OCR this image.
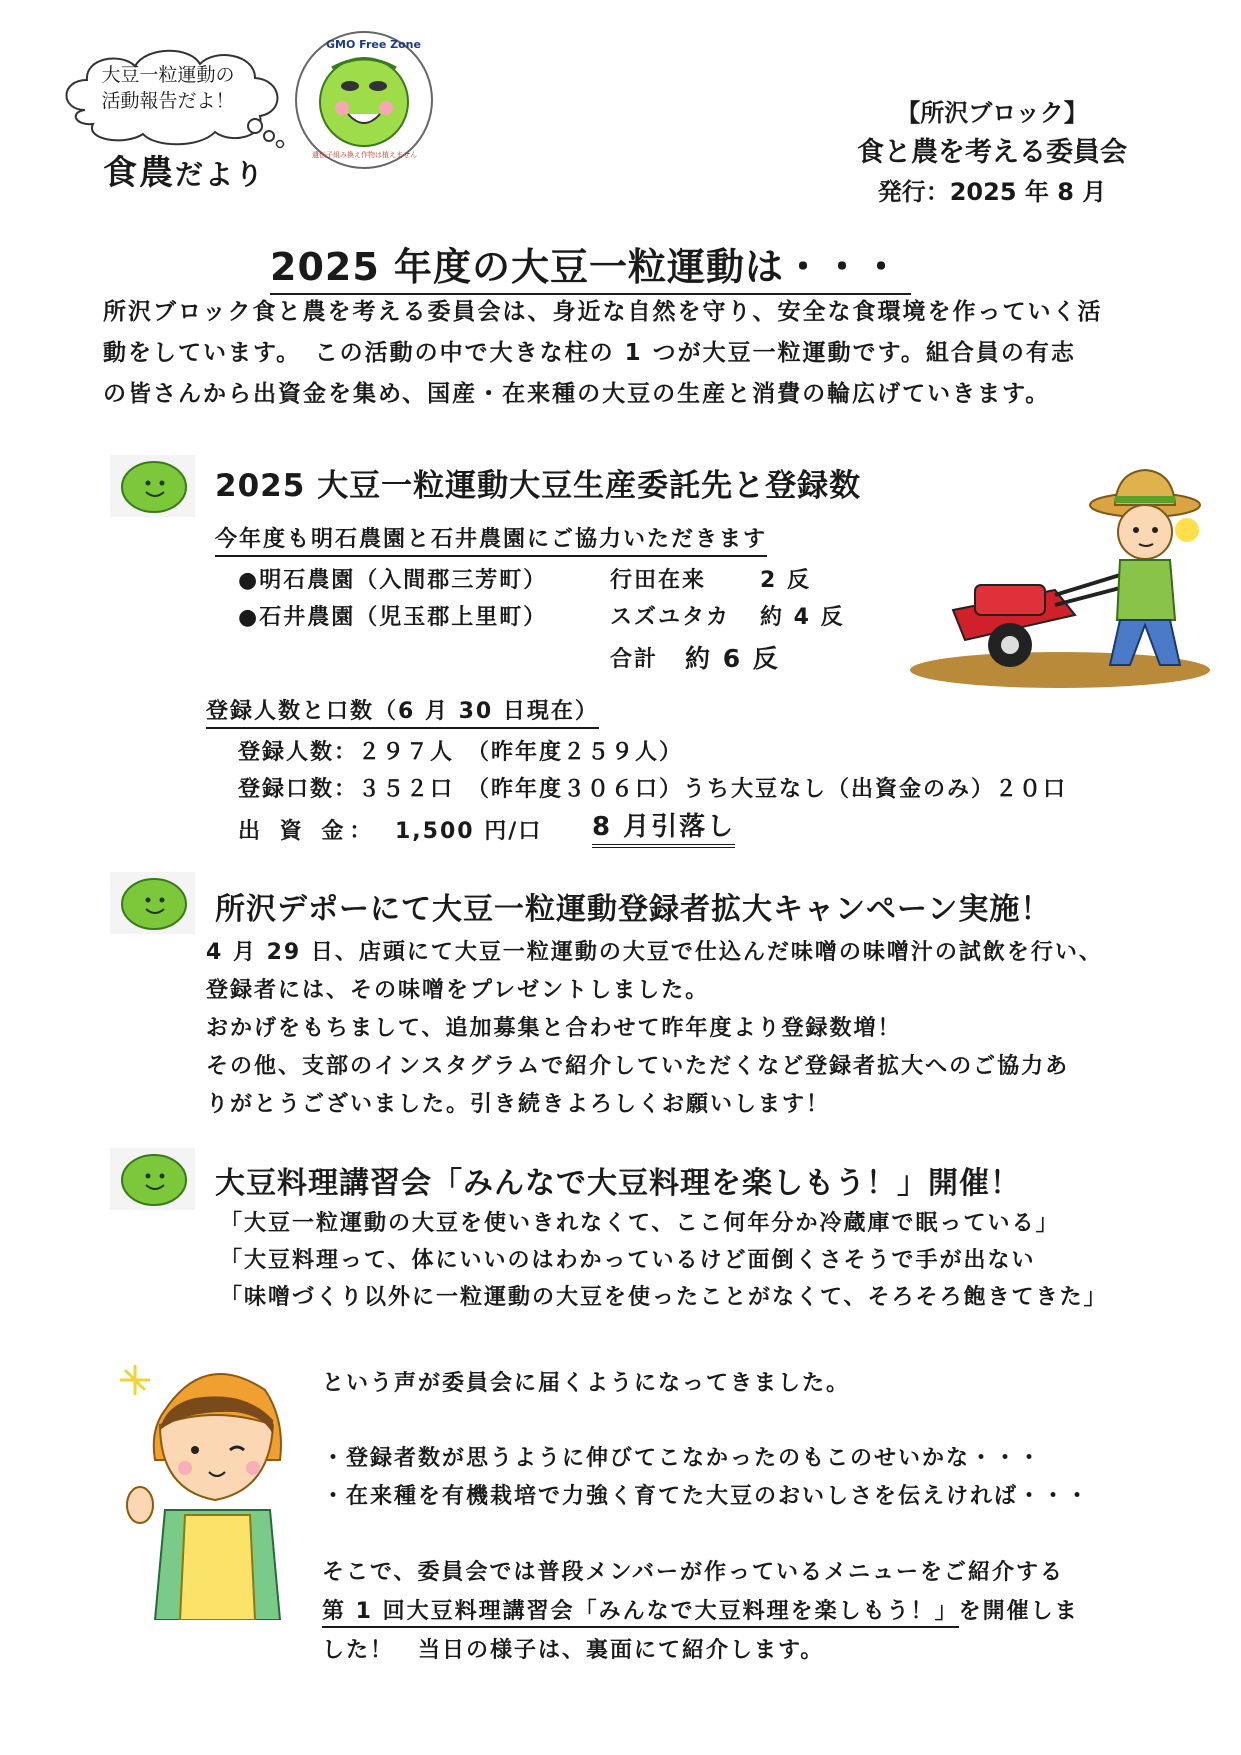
大豆一粒運動の
活動報告だよ！
GMO Free Zone
遺伝子組み換え作物は植えません
食農だより
【所沢ブロック】
食と農を考える委員会
発行：2025 年 8 月
2025 年度の大豆一粒運動は・・・
所沢ブロック食と農を考える委員会は、身近な自然を守り、安全な食環境を作っていく活
動をしています。　この活動の中で大きな柱の 1 つが大豆一粒運動です。組合員の有志
の皆さんから出資金を集め、国産・在来種の大豆の生産と消費の輪広げていきます。
2025 大豆一粒運動大豆生産委託先と登録数
今年度も明石農園と石井農園にご協力いただきます
●明石農園（入間郡三芳町）	行田在来 2 反
●石井農園（児玉郡上里町）	スズユタカ 約 4 反
合計 約 6 反
登録人数と口数（6 月 30 日現在）
登録人数：２９７人　（昨年度２５９人）
登録口数：３５２口　（昨年度３０６口）うち大豆なし（出資金のみ）２０口
出 資 金： 1,500 円/口 8 月引落し
所沢デポーにて大豆一粒運動登録者拡大キャンペーン実施！
4 月 29 日、店頭にて大豆一粒運動の大豆で仕込んだ味噌の味噌汁の試飲を行い、
登録者には、その味噌をプレゼントしました。
おかげをもちまして、追加募集と合わせて昨年度より登録数増！
その他、支部のインスタグラムで紹介していただくなど登録者拡大へのご協力あ
りがとうございました。引き続きよろしくお願いします！
大豆料理講習会「みんなで大豆料理を楽しもう！」開催！
「大豆一粒運動の大豆を使いきれなくて、ここ何年分か冷蔵庫で眠っている」
「大豆料理って、体にいいのはわかっているけど面倒くさそうで手が出ない
「味噌づくり以外に一粒運動の大豆を使ったことがなくて、そろそろ飽きてきた」
という声が委員会に届くようになってきました。
・登録者数が思うように伸びてこなかったのもこのせいかな・・・
・在来種を有機栽培で力強く育てた大豆のおいしさを伝えければ・・・
そこで、委員会では普段メンバーが作っているメニューをご紹介する
第 1 回大豆料理講習会「みんなで大豆料理を楽しもう！」を開催しま
した！　当日の様子は、裏面にて紹介します。
